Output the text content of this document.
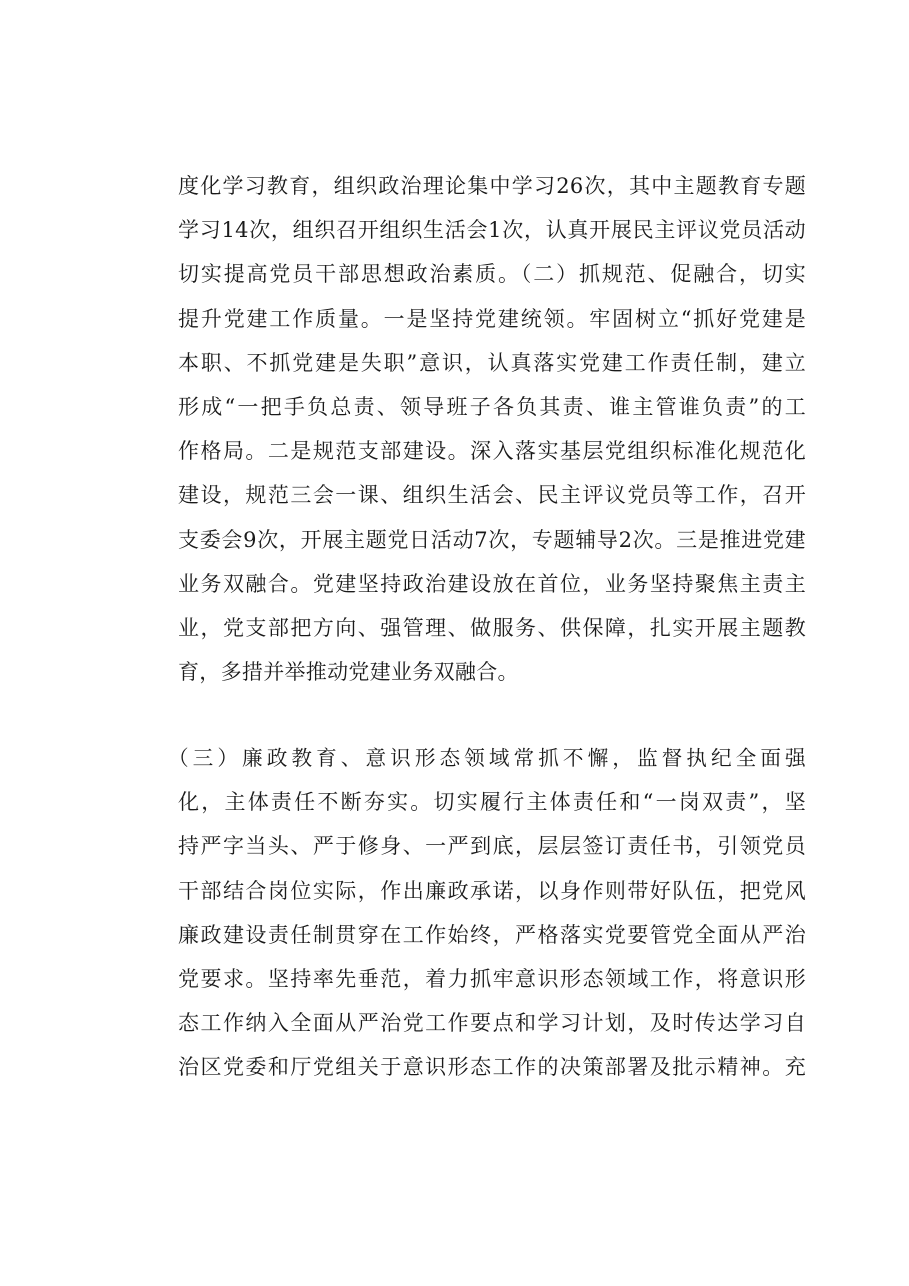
度化学习教育，组织政治理论集中学习26次，其中主题教育专题
学习14次，组织召开组织生活会1次，认真开展民主评议党员活动
切实提高党员干部思想政治素质。（二）抓规范、促融合，切实
提升党建工作质量。一是坚持党建统领。牢固树立“抓好党建是
本职、不抓党建是失职”意识，认真落实党建工作责任制，建立
形成“一把手负总责、领导班子各负其责、谁主管谁负责”的工
作格局。二是规范支部建设。深入落实基层党组织标准化规范化
建设，规范三会一课、组织生活会、民主评议党员等工作，召开
支委会9次，开展主题党日活动7次，专题辅导2次。三是推进党建
业务双融合。党建坚持政治建设放在首位，业务坚持聚焦主责主
业，党支部把方向、强管理、做服务、供保障，扎实开展主题教
育，多措并举推动党建业务双融合。
（三）廉政教育、意识形态领域常抓不懈，监督执纪全面强
化，主体责任不断夯实。切实履行主体责任和“一岗双责”，坚
持严字当头、严于修身、一严到底，层层签订责任书，引领党员
干部结合岗位实际，作出廉政承诺，以身作则带好队伍，把党风
廉政建设责任制贯穿在工作始终，严格落实党要管党全面从严治
党要求。坚持率先垂范，着力抓牢意识形态领域工作，将意识形
态工作纳入全面从严治党工作要点和学习计划，及时传达学习自
治区党委和厅党组关于意识形态工作的决策部署及批示精神。充
